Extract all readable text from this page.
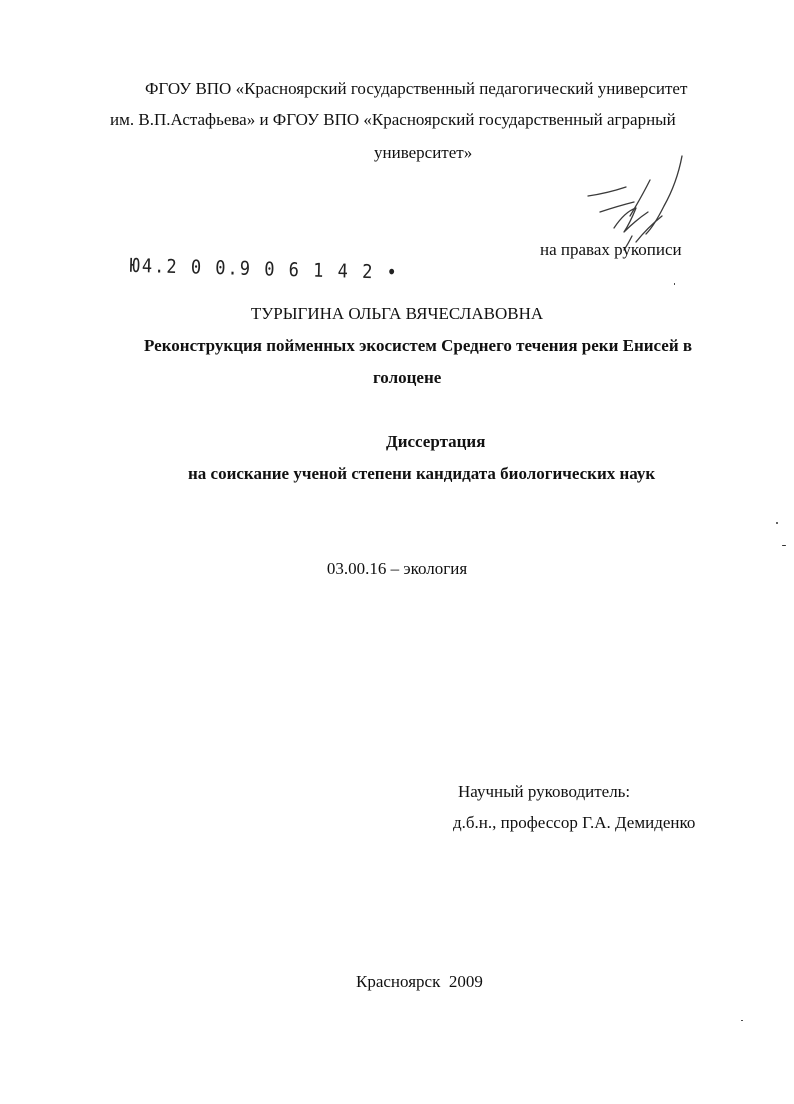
ФГОУ ВПО «Красноярский государственный педагогический университет
им. В.П.Астафьева» и ФГОУ ВПО «Красноярский государственный аграрный
университет»
на правах рукописи
Ю4.2 0 0.9 0 6 1 4 2 •
ТУРЫГИНА ОЛЬГА ВЯЧЕСЛАВОВНА
Реконструкция пойменных экосистем Среднего течения реки Енисей в
голоцене
Диссертация
на соискание ученой степени кандидата биологических наук
03.00.16 – экология
Научный руководитель:
д.б.н., профессор Г.А. Демиденко
Красноярск  2009
